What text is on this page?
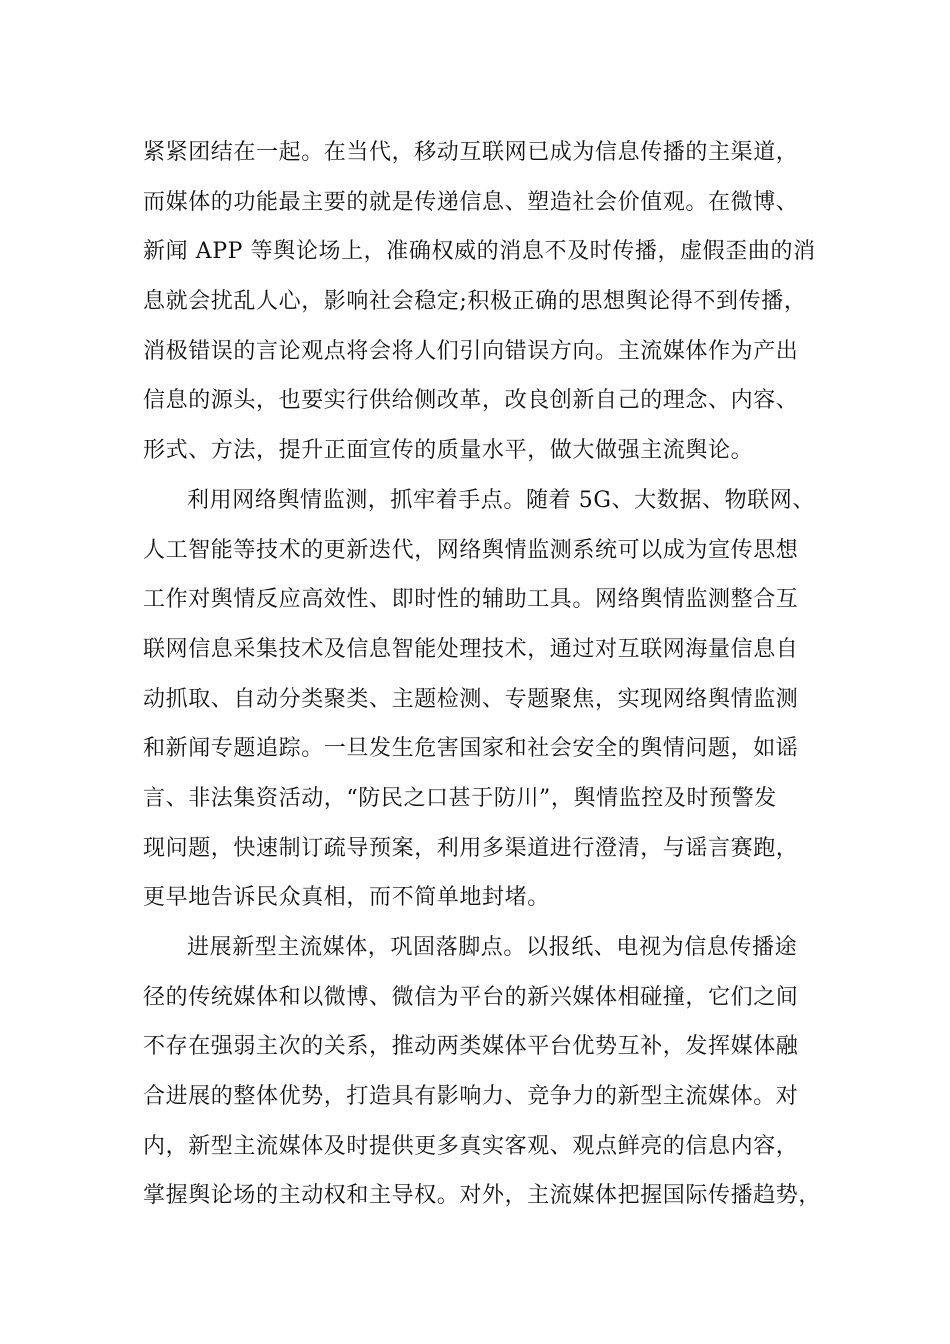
紧紧团结在一起。在当代，移动互联网已成为信息传播的主渠道，
而媒体的功能最主要的就是传递信息、塑造社会价值观。在微博、
新闻 APP 等舆论场上，准确权威的消息不及时传播，虚假歪曲的消
息就会扰乱人心，影响社会稳定;积极正确的思想舆论得不到传播，
消极错误的言论观点将会将人们引向错误方向。主流媒体作为产出
信息的源头，也要实行供给侧改革，改良创新自己的理念、内容、
形式、方法，提升正面宣传的质量水平，做大做强主流舆论。
利用网络舆情监测，抓牢着手点。随着 5G、大数据、物联网、
人工智能等技术的更新迭代，网络舆情监测系统可以成为宣传思想
工作对舆情反应高效性、即时性的辅助工具。网络舆情监测整合互
联网信息采集技术及信息智能处理技术，通过对互联网海量信息自
动抓取、自动分类聚类、主题检测、专题聚焦，实现网络舆情监测
和新闻专题追踪。一旦发生危害国家和社会安全的舆情问题，如谣
言、非法集资活动，“防民之口甚于防川”，舆情监控及时预警发
现问题，快速制订疏导预案，利用多渠道进行澄清，与谣言赛跑，
更早地告诉民众真相，而不简单地封堵。
进展新型主流媒体，巩固落脚点。以报纸、电视为信息传播途
径的传统媒体和以微博、微信为平台的新兴媒体相碰撞，它们之间
不存在强弱主次的关系，推动两类媒体平台优势互补，发挥媒体融
合进展的整体优势，打造具有影响力、竞争力的新型主流媒体。对
内，新型主流媒体及时提供更多真实客观、观点鲜亮的信息内容，
掌握舆论场的主动权和主导权。对外，主流媒体把握国际传播趋势，
